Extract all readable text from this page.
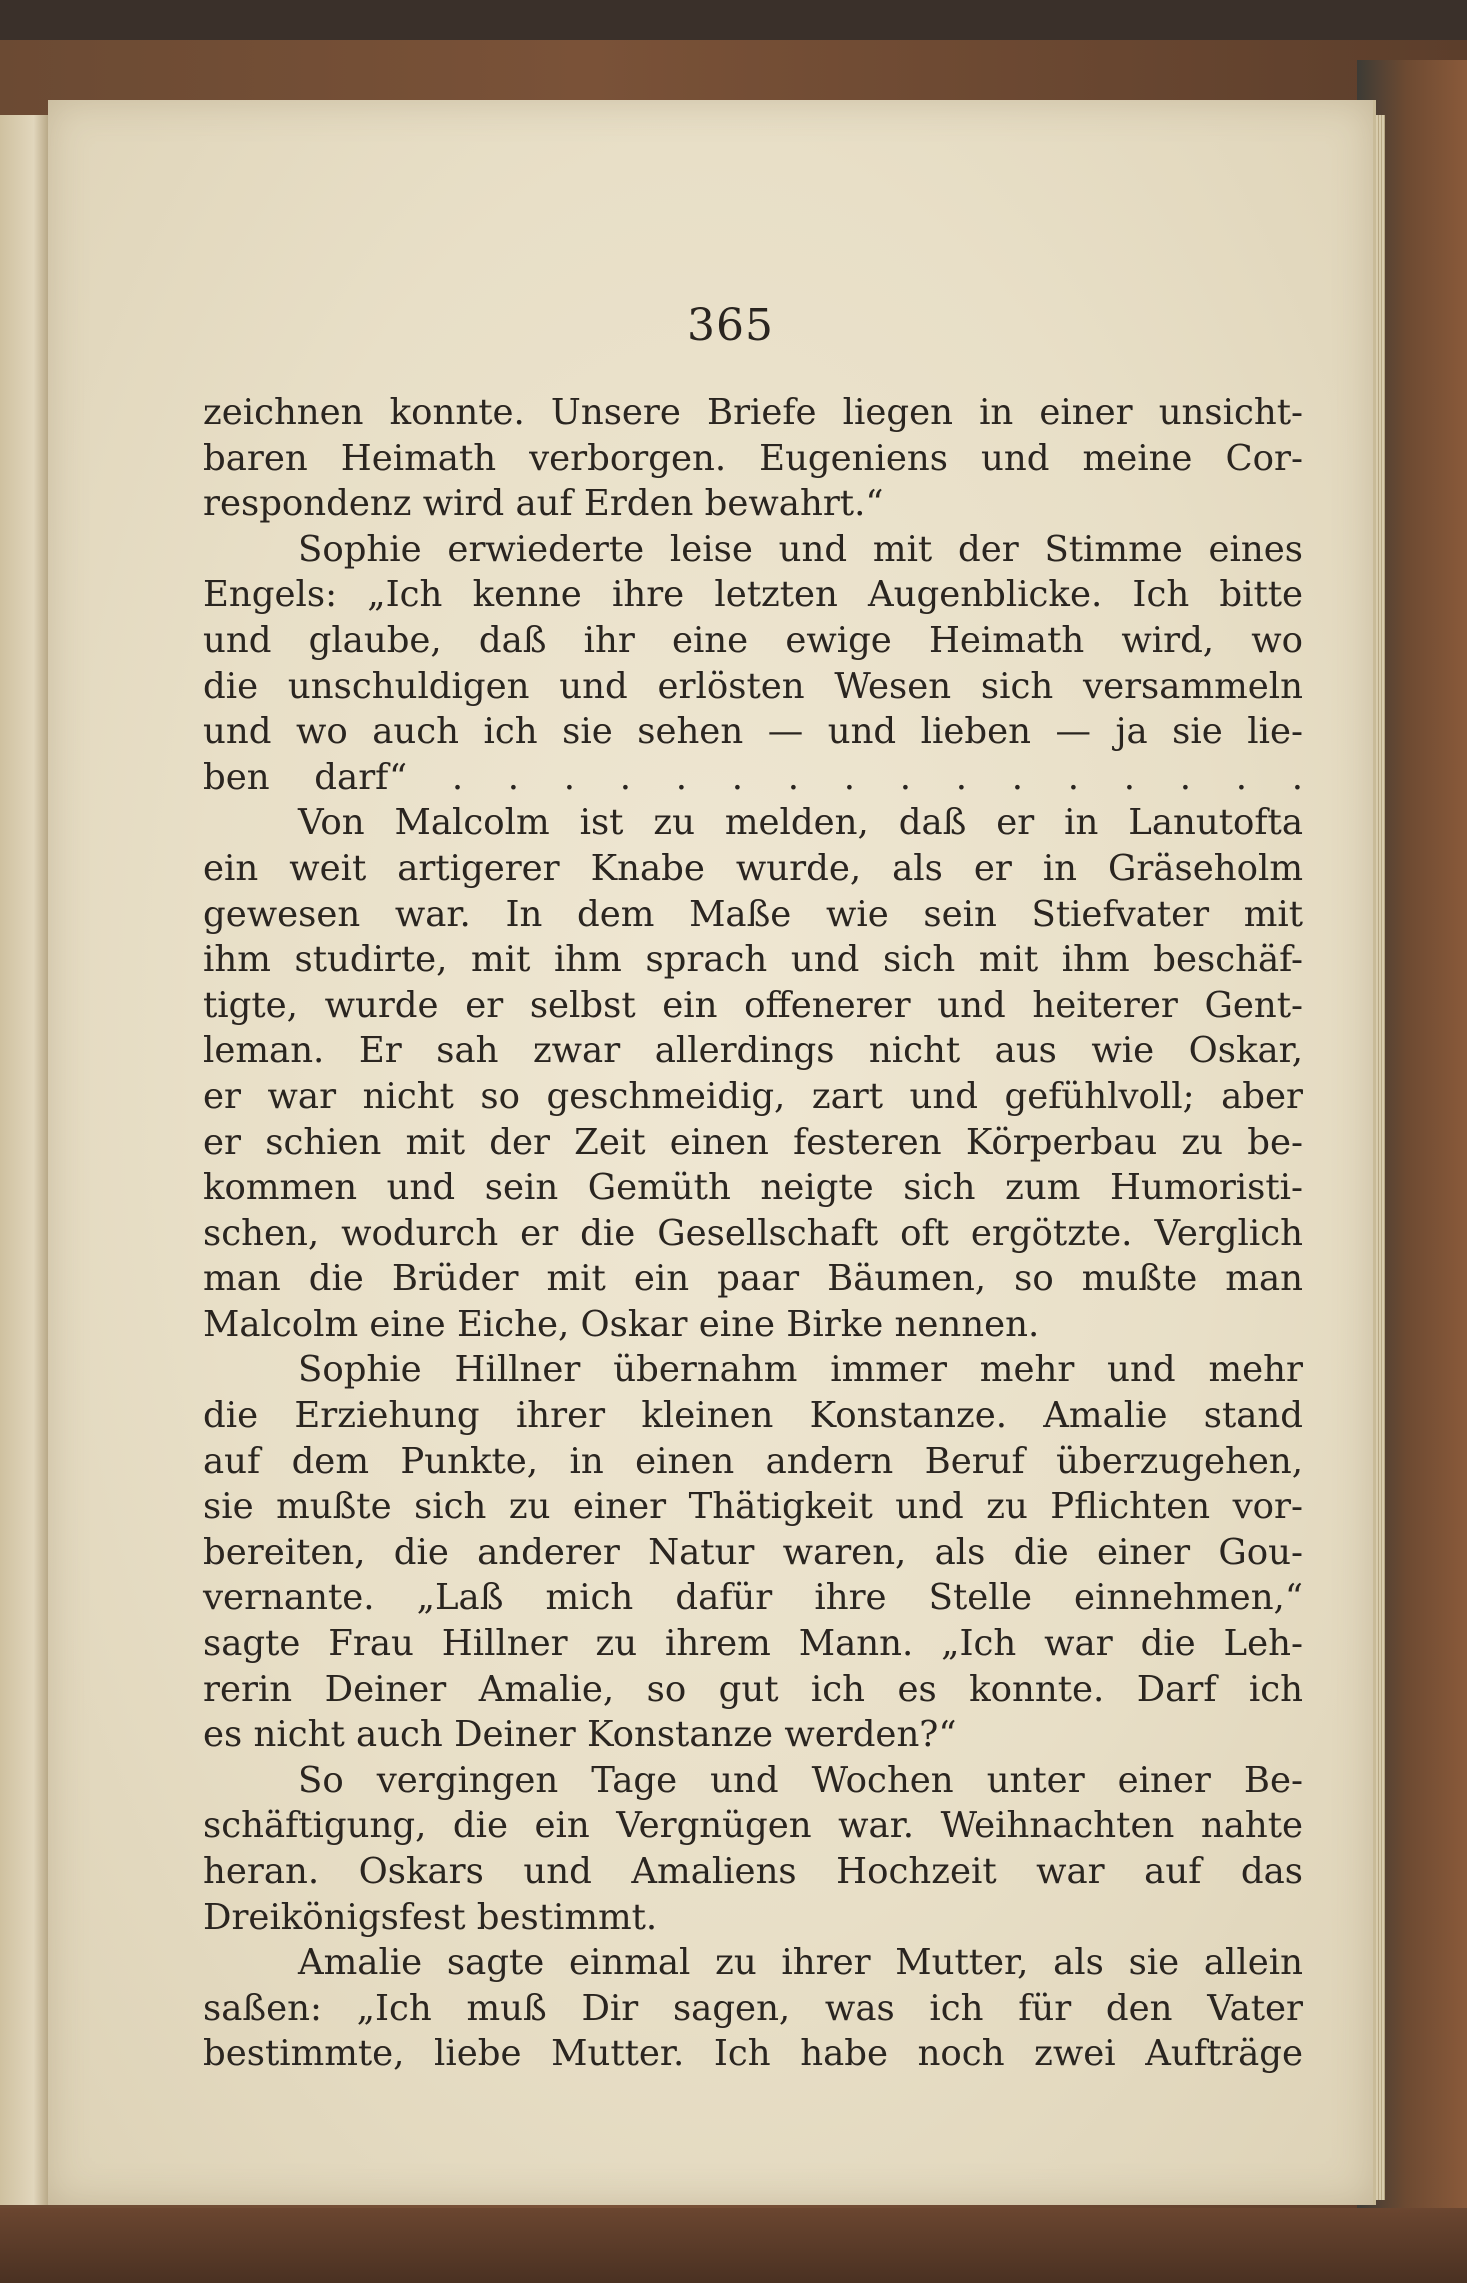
365
zeichnen konnte. Unsere Briefe liegen in einer unsicht-
baren Heimath verborgen. Eugeniens und meine Cor-
respondenz wird auf Erden bewahrt.“
Sophie erwiederte leise und mit der Stimme eines
Engels: „Ich kenne ihre letzten Augenblicke. Ich bitte
und glaube, daß ihr eine ewige Heimath wird, wo
die unschuldigen und erlösten Wesen sich versammeln
und wo auch ich sie sehen — und lieben — ja sie lie-
ben darf“ . . . . . . . . . . . . . . . .
Von Malcolm ist zu melden, daß er in Lanutofta
ein weit artigerer Knabe wurde, als er in Gräseholm
gewesen war. In dem Maße wie sein Stiefvater mit
ihm studirte, mit ihm sprach und sich mit ihm beschäf-
tigte, wurde er selbst ein offenerer und heiterer Gent-
leman. Er sah zwar allerdings nicht aus wie Oskar,
er war nicht so geschmeidig, zart und gefühlvoll; aber
er schien mit der Zeit einen festeren Körperbau zu be-
kommen und sein Gemüth neigte sich zum Humoristi-
schen, wodurch er die Gesellschaft oft ergötzte. Verglich
man die Brüder mit ein paar Bäumen, so mußte man
Malcolm eine Eiche, Oskar eine Birke nennen.
Sophie Hillner übernahm immer mehr und mehr
die Erziehung ihrer kleinen Konstanze. Amalie stand
auf dem Punkte, in einen andern Beruf überzugehen,
sie mußte sich zu einer Thätigkeit und zu Pflichten vor-
bereiten, die anderer Natur waren, als die einer Gou-
vernante. „Laß mich dafür ihre Stelle einnehmen,“
sagte Frau Hillner zu ihrem Mann. „Ich war die Leh-
rerin Deiner Amalie, so gut ich es konnte. Darf ich
es nicht auch Deiner Konstanze werden?“
So vergingen Tage und Wochen unter einer Be-
schäftigung, die ein Vergnügen war. Weihnachten nahte
heran. Oskars und Amaliens Hochzeit war auf das
Dreikönigsfest bestimmt.
Amalie sagte einmal zu ihrer Mutter, als sie allein
saßen: „Ich muß Dir sagen, was ich für den Vater
bestimmte, liebe Mutter. Ich habe noch zwei Aufträge
